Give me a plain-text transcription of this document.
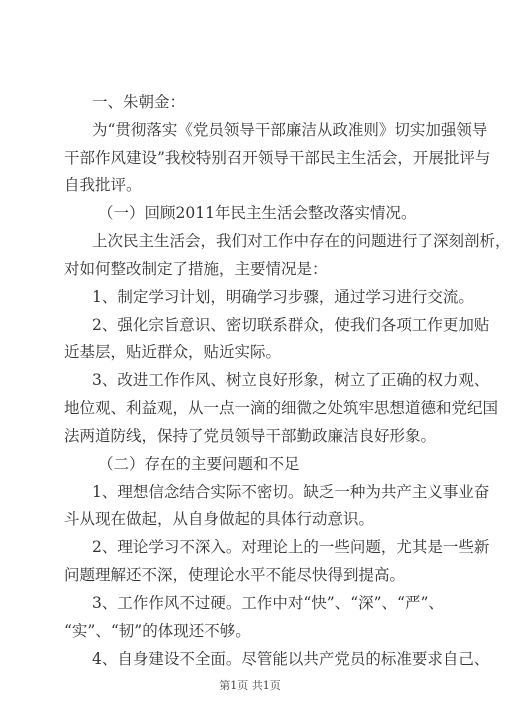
一、朱朝金：
为“贯彻落实《党员领导干部廉洁从政准则》切实加强领导
干部作风建设”我校特别召开领导干部民主生活会，开展批评与
自我批评。
（一）回顾2011年民主生活会整改落实情况。
上次民主生活会，我们对工作中存在的问题进行了深刻剖析，
对如何整改制定了措施，主要情况是：
1、制定学习计划，明确学习步骤，通过学习进行交流。
2、强化宗旨意识、密切联系群众，使我们各项工作更加贴
近基层，贴近群众，贴近实际。
3、改进工作作风、树立良好形象，树立了正确的权力观、
地位观、利益观，从一点一滴的细微之处筑牢思想道德和党纪国
法两道防线，保持了党员领导干部勤政廉洁良好形象。
（二）存在的主要问题和不足
1、理想信念结合实际不密切。缺乏一种为共产主义事业奋
斗从现在做起，从自身做起的具体行动意识。
2、理论学习不深入。对理论上的一些问题，尤其是一些新
问题理解还不深，使理论水平不能尽快得到提高。
3、工作作风不过硬。工作中对“快”、“深”、“严”、
“实”、“韧”的体现还不够。
4、自身建设不全面。尽管能以共产党员的标准要求自己、
第1页 共1页
